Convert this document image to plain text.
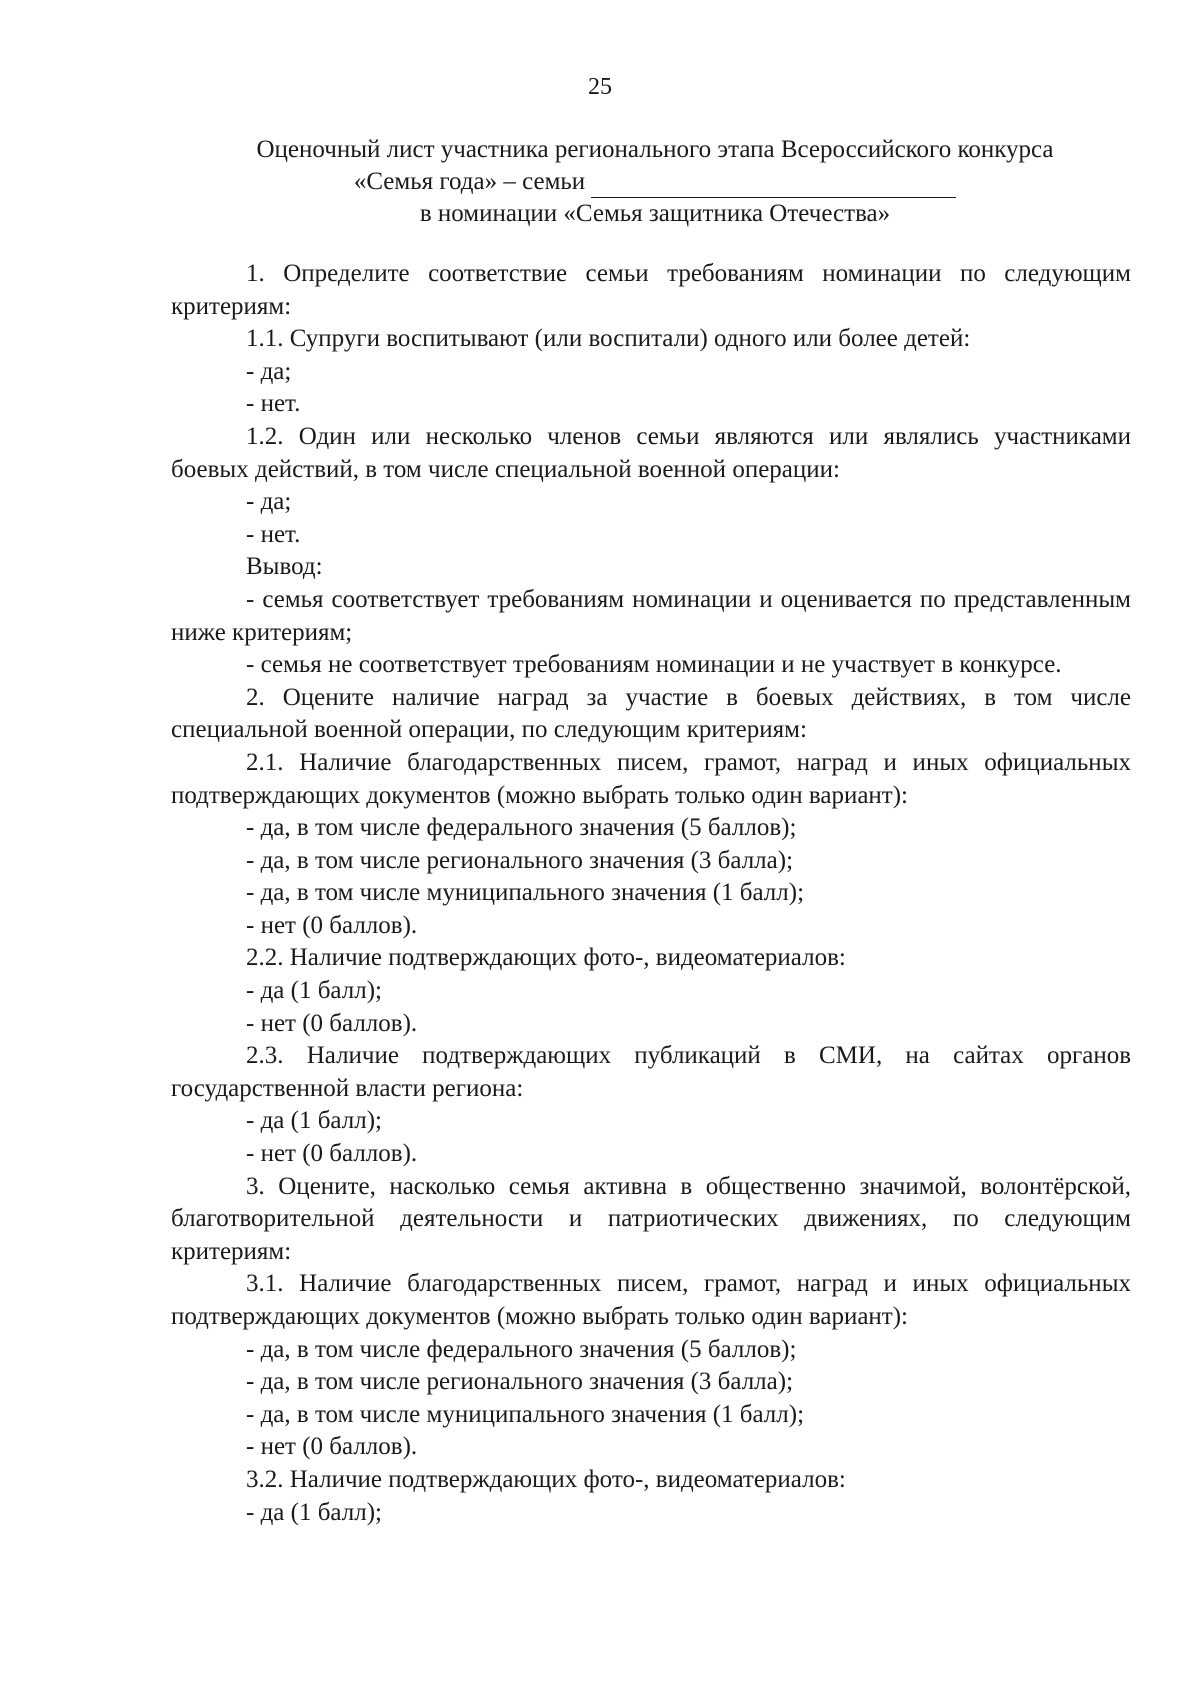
25
Оценочный лист участника регионального этапа Всероссийского конкурса
«Семья года» – семьи
в номинации «Семья защитника Отечества»

1. Определите соответствие семьи требованиям номинации по следующим критериям:

1.1. Супруги воспитывают (или воспитали) одного или более детей:

- да;

- нет.

1.2. Один или несколько членов семьи являются или являлись участниками боевых действий, в том числе специальной военной операции:

- да;

- нет.

Вывод:

- семья соответствует требованиям номинации и оценивается по представленным ниже критериям;

- семья не соответствует требованиям номинации и не участвует в конкурсе.

2. Оцените наличие наград за участие в боевых действиях, в том числе специальной военной операции, по следующим критериям:

2.1. Наличие благодарственных писем, грамот, наград и иных официальных подтверждающих документов (можно выбрать только один вариант):

- да, в том числе федерального значения (5 баллов);

- да, в том числе регионального значения (3 балла);

- да, в том числе муниципального значения (1 балл);

- нет (0 баллов).

2.2. Наличие подтверждающих фото-, видеоматериалов:

- да (1 балл);

- нет (0 баллов).

2.3. Наличие подтверждающих публикаций в СМИ, на сайтах органов государственной власти региона:

- да (1 балл);

- нет (0 баллов).

3. Оцените, насколько семья активна в общественно значимой, волонтёрской, благотворительной деятельности и патриотических движениях, по следующим критериям:

3.1. Наличие благодарственных писем, грамот, наград и иных официальных подтверждающих документов (можно выбрать только один вариант):

- да, в том числе федерального значения (5 баллов);

- да, в том числе регионального значения (3 балла);

- да, в том числе муниципального значения (1 балл);

- нет (0 баллов).

3.2. Наличие подтверждающих фото-, видеоматериалов:

- да (1 балл);
